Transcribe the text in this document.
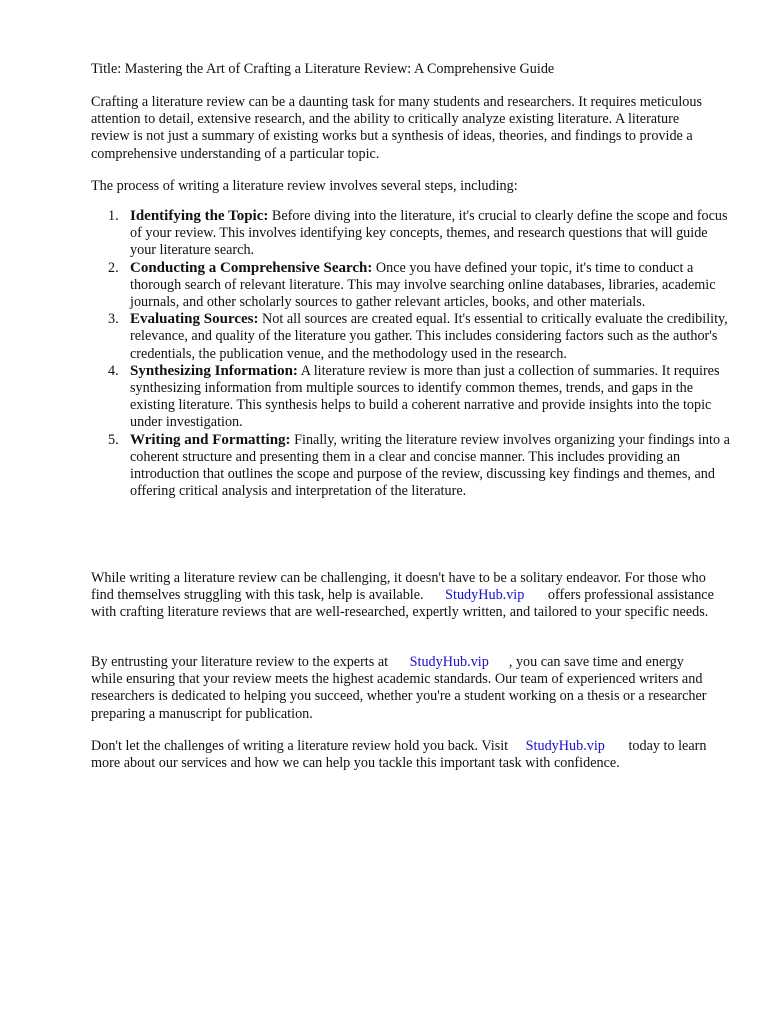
Title: Mastering the Art of Crafting a Literature Review: A Comprehensive Guide

Crafting a literature review can be a daunting task for many students and researchers. It requires meticulous attention to detail, extensive research, and the ability to critically analyze existing literature. A literature review is not just a summary of existing works but a synthesis of ideas, theories, and findings to provide a comprehensive understanding of a particular topic.

The process of writing a literature review involves several steps, including:

1. Identifying the Topic: Before diving into the literature, it's crucial to clearly define the scope and focus of your review. This involves identifying key concepts, themes, and research questions that will guide your literature search.
2. Conducting a Comprehensive Search: Once you have defined your topic, it's time to conduct a thorough search of relevant literature. This may involve searching online databases, libraries, academic journals, and other scholarly sources to gather relevant articles, books, and other materials.
3. Evaluating Sources: Not all sources are created equal. It's essential to critically evaluate the credibility, relevance, and quality of the literature you gather. This includes considering factors such as the author's credentials, the publication venue, and the methodology used in the research.
4. Synthesizing Information: A literature review is more than just a collection of summaries. It requires synthesizing information from multiple sources to identify common themes, trends, and gaps in the existing literature. This synthesis helps to build a coherent narrative and provide insights into the topic under investigation.
5. Writing and Formatting: Finally, writing the literature review involves organizing your findings into a coherent structure and presenting them in a clear and concise manner. This includes providing an introduction that outlines the scope and purpose of the review, discussing key findings and themes, and offering critical analysis and interpretation of the literature.

While writing a literature review can be challenging, it doesn't have to be a solitary endeavor. For those who find themselves struggling with this task, help is available. StudyHub.vip offers professional assistance with crafting literature reviews that are well-researched, expertly written, and tailored to your specific needs.

By entrusting your literature review to the experts at StudyHub.vip , you can save time and energy while ensuring that your review meets the highest academic standards. Our team of experienced writers and researchers is dedicated to helping you succeed, whether you're a student working on a thesis or a researcher preparing a manuscript for publication.

Don't let the challenges of writing a literature review hold you back. Visit StudyHub.vip today to learn more about our services and how we can help you tackle this important task with confidence.
